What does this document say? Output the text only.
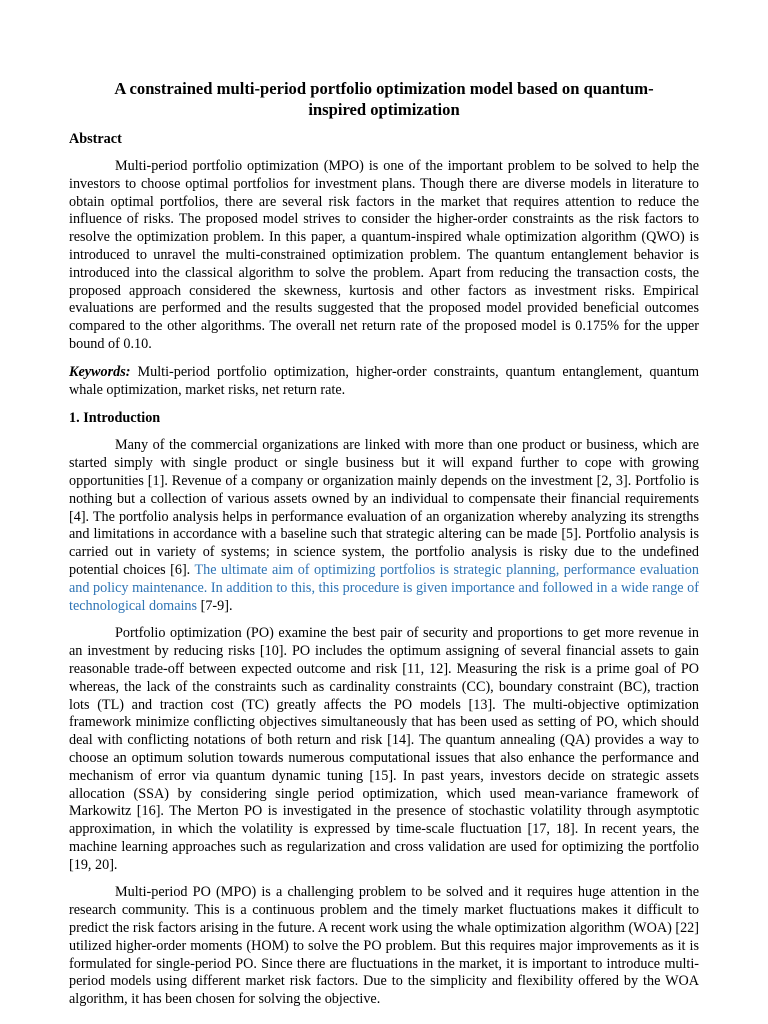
A constrained multi-period portfolio optimization model based on quantum-
inspired optimization
Abstract

Multi-period portfolio optimization (MPO) is one of the important problem to be solved to help the investors to choose optimal portfolios for investment plans. Though there are diverse models in literature to obtain optimal portfolios, there are several risk factors in the market that requires attention to reduce the influence of risks. The proposed model strives to consider the higher-order constraints as the risk factors to resolve the optimization problem. In this paper, a quantum-inspired whale optimization algorithm (QWO) is introduced to unravel the multi-constrained optimization problem. The quantum entanglement behavior is introduced into the classical algorithm to solve the problem. Apart from reducing the transaction costs, the proposed approach considered the skewness, kurtosis and other factors as investment risks. Empirical evaluations are performed and the results suggested that the proposed model provided beneficial outcomes compared to the other algorithms. The overall net return rate of the proposed model is 0.175% for the upper bound of 0.10.

Keywords: Multi-period portfolio optimization, higher-order constraints, quantum entanglement, quantum whale optimization, market risks, net return rate.

1. Introduction

Many of the commercial organizations are linked with more than one product or business, which are started simply with single product or single business but it will expand further to cope with growing opportunities [1]. Revenue of a company or organization mainly depends on the investment [2, 3]. Portfolio is nothing but a collection of various assets owned by an individual to compensate their financial requirements [4]. The portfolio analysis helps in performance evaluation of an organization whereby analyzing its strengths and limitations in accordance with a baseline such that strategic altering can be made [5]. Portfolio analysis is carried out in variety of systems; in science system, the portfolio analysis is risky due to the undefined potential choices [6]. The ultimate aim of optimizing portfolios is strategic planning, performance evaluation and policy maintenance. In addition to this, this procedure is given importance and followed in a wide range of technological domains [7-9].

Portfolio optimization (PO) examine the best pair of security and proportions to get more revenue in an investment by reducing risks [10]. PO includes the optimum assigning of several financial assets to gain reasonable trade-off between expected outcome and risk [11, 12]. Measuring the risk is a prime goal of PO whereas, the lack of the constraints such as cardinality constraints (CC), boundary constraint (BC), traction lots (TL) and traction cost (TC) greatly affects the PO models [13]. The multi-objective optimization framework minimize conflicting objectives simultaneously that has been used as setting of PO, which should deal with conflicting notations of both return and risk [14]. The quantum annealing (QA) provides a way to choose an optimum solution towards numerous computational issues that also enhance the performance and mechanism of error via quantum dynamic tuning [15]. In past years, investors decide on strategic assets allocation (SSA) by considering single period optimization, which used mean-variance framework of Markowitz [16]. The Merton PO is investigated in the presence of stochastic volatility through asymptotic approximation, in which the volatility is expressed by time-scale fluctuation [17, 18]. In recent years, the machine learning approaches such as regularization and cross validation are used for optimizing the portfolio [19, 20].

Multi-period PO (MPO) is a challenging problem to be solved and it requires huge attention in the research community. This is a continuous problem and the timely market fluctuations makes it difficult to predict the risk factors arising in the future. A recent work using the whale optimization algorithm (WOA) [22] utilized higher-order moments (HOM) to solve the PO problem. But this requires major improvements as it is formulated for single-period PO. Since there are fluctuations in the market, it is important to introduce multi-period models using different market risk factors. Due to the simplicity and flexibility offered by the WOA algorithm, it has been chosen for solving the objective.
